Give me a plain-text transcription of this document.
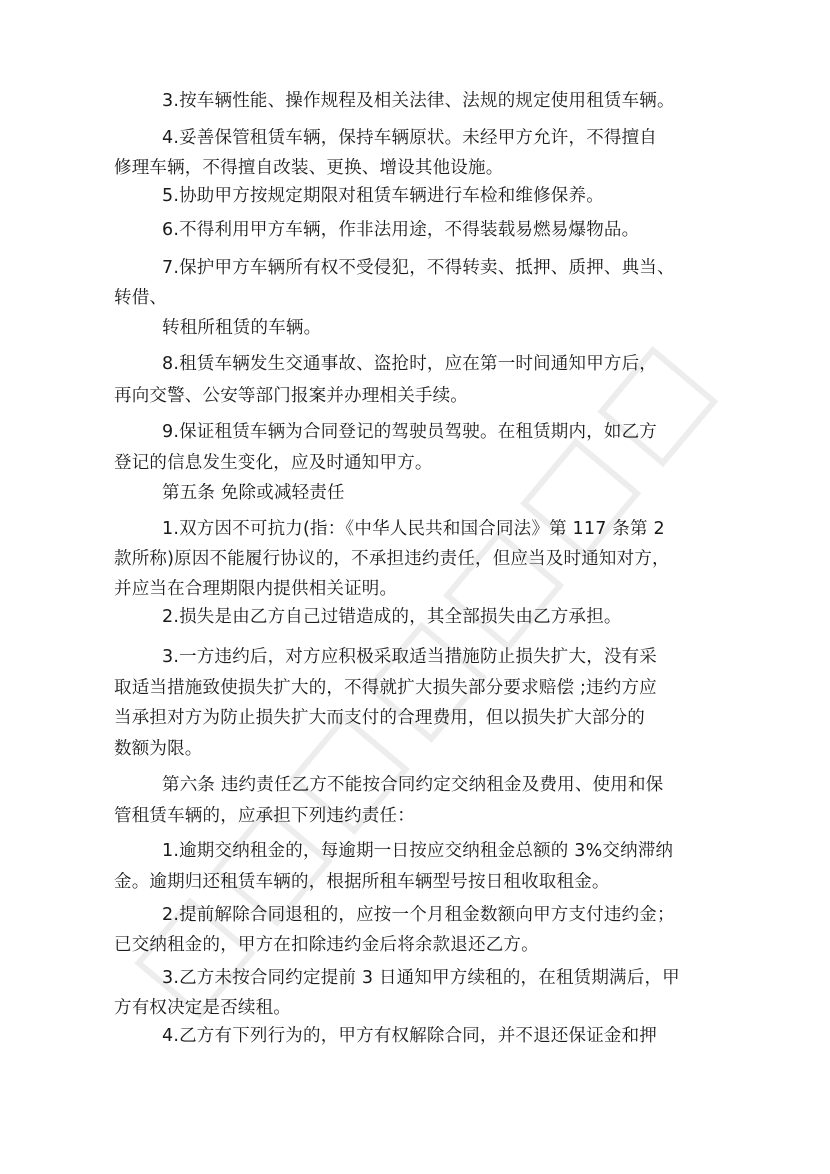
3.按车辆性能、操作规程及相关法律、法规的规定使用租赁车辆。
4.妥善保管租赁车辆，保持车辆原状。未经甲方允许，不得擅自
修理车辆，不得擅自改装、更换、增设其他设施。
5.协助甲方按规定期限对租赁车辆进行车检和维修保养。
6.不得利用甲方车辆，作非法用途，不得装载易燃易爆物品。
7.保护甲方车辆所有权不受侵犯，不得转卖、抵押、质押、典当、
转借、
转租所租赁的车辆。
8.租赁车辆发生交通事故、盗抢时，应在第一时间通知甲方后，
再向交警、公安等部门报案并办理相关手续。
9.保证租赁车辆为合同登记的驾驶员驾驶。在租赁期内，如乙方
登记的信息发生变化，应及时通知甲方。
第五条 免除或减轻责任
1.双方因不可抗力(指：《中华人民共和国合同法》第 117 条第 2
款所称)原因不能履行协议的，不承担违约责任，但应当及时通知对方，
并应当在合理期限内提供相关证明。
2.损失是由乙方自己过错造成的，其全部损失由乙方承担。
3.一方违约后，对方应积极采取适当措施防止损失扩大，没有采
取适当措施致使损失扩大的，不得就扩大损失部分要求赔偿 ;违约方应
当承担对方为防止损失扩大而支付的合理费用，但以损失扩大部分的
数额为限。
第六条 违约责任乙方不能按合同约定交纳租金及费用、使用和保
管租赁车辆的，应承担下列违约责任：
1.逾期交纳租金的，每逾期一日按应交纳租金总额的 3%交纳滞纳
金。逾期归还租赁车辆的，根据所租车辆型号按日租收取租金。
2.提前解除合同退租的，应按一个月租金数额向甲方支付违约金；
已交纳租金的，甲方在扣除违约金后将余款退还乙方。
3.乙方未按合同约定提前 3 日通知甲方续租的，在租赁期满后，甲
方有权决定是否续租。
4.乙方有下列行为的，甲方有权解除合同，并不退还保证金和押
